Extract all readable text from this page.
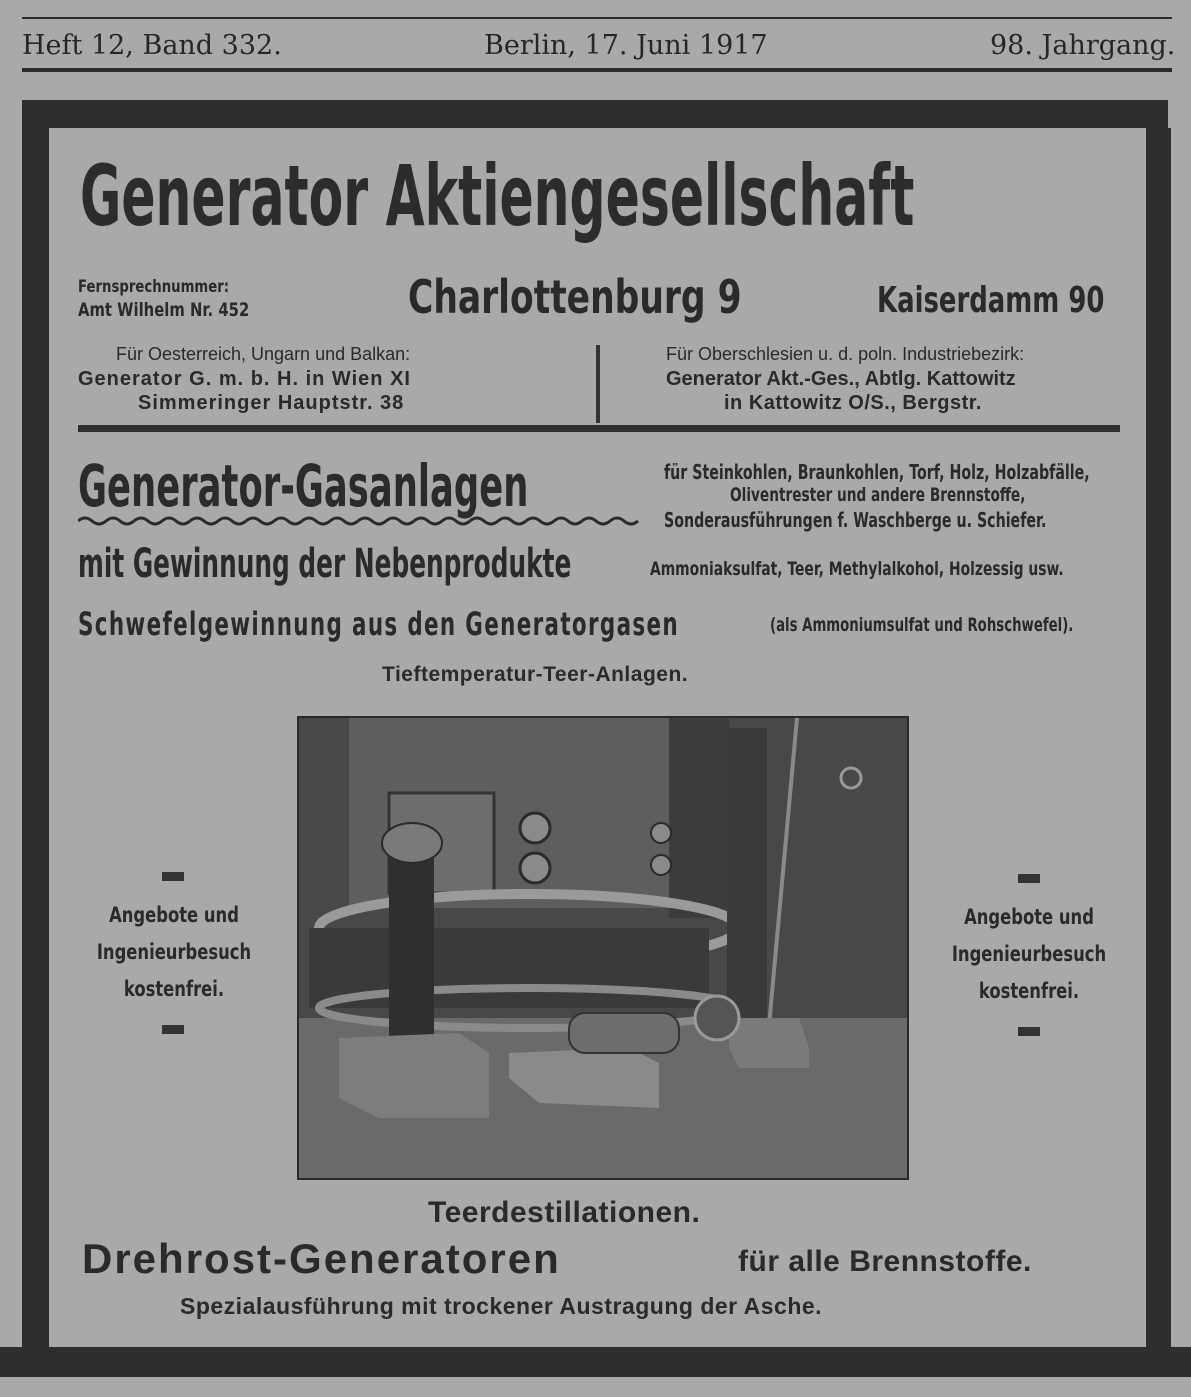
Heft 12, Band 332.	Berlin, 17. Juni 1917	98. Jahrgang.
Generator Aktiengesellschaft
Fernsprechnummer:
Amt Wilhelm Nr. 452	Charlottenburg 9	Kaiserdamm 90
Für Oesterreich, Ungarn und Balkan:
Generator G. m. b. H. in Wien XI
Simmeringer Hauptstr. 38
Für Oberschlesien u. d. poln. Industriebezirk:
Generator Akt.-Ges., Abtlg. Kattowitz
in Kattowitz O/S., Bergstr.
Generator-Gasanlagen	für Steinkohlen, Braunkohlen, Torf, Holz, Holzabfälle,
Oliventrester und andere Brennstoffe,
Sonderausführungen f. Waschberge u. Schiefer.
mit Gewinnung der Nebenprodukte	Ammoniaksulfat, Teer, Methylalkohol, Holzessig usw.
Schwefelgewinnung aus den Generatorgasen	(als Ammoniumsulfat und Rohschwefel).
Tieftemperatur-Teer-Anlagen.
Angebote und
Ingenieurbesuch
kostenfrei.
Angebote und
Ingenieurbesuch
kostenfrei.
Teerdestillationen.
Drehrost-Generatoren	für alle Brennstoffe.
Spezialausführung mit trockener Austragung der Asche.
